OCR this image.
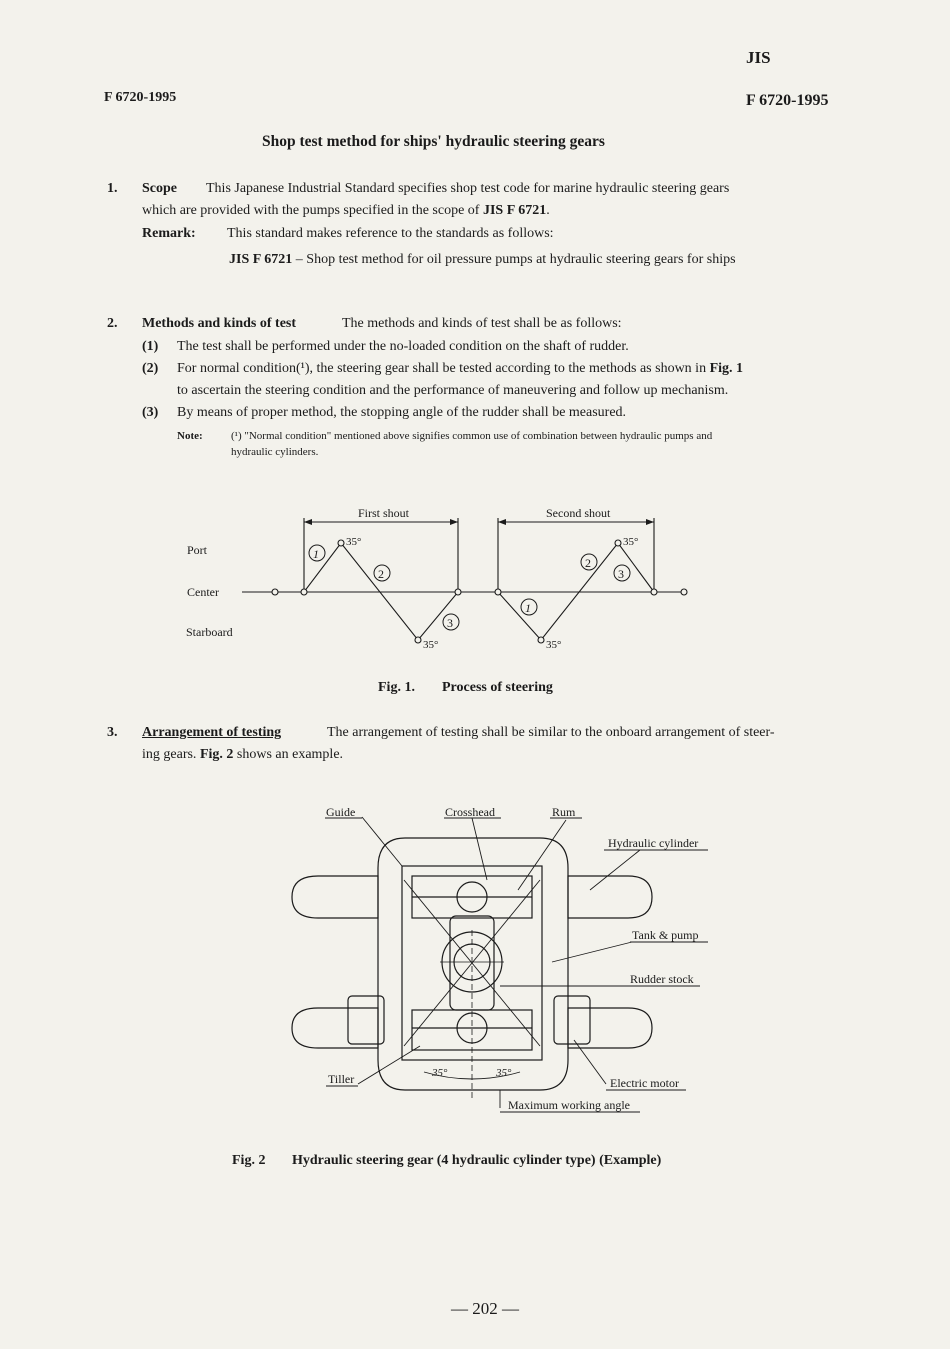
JIS
F 6720-1995	F 6720-1995
Shop test method for ships' hydraulic steering gears
1. Scope This Japanese Industrial Standard specifies shop test code for marine hydraulic steering gears
which are provided with the pumps specified in the scope of JIS F 6721.
Remark: This standard makes reference to the standards as follows:
JIS F 6721 – Shop test method for oil pressure pumps at hydraulic steering gears for ships
2. Methods and kinds of test	The methods and kinds of test shall be as follows:
(1) The test shall be performed under the no-loaded condition on the shaft of rudder.
(2) For normal condition(¹), the steering gear shall be tested according to the methods as shown in Fig. 1
to ascertain the steering condition and the performance of maneuvering and follow up mechanism.
(3) By means of proper method, the stopping angle of the rudder shall be measured.
Note:	(¹) "Normal condition" mentioned above signifies common use of combination between hydraulic pumps and
hydraulic cylinders.
First shout	Second shout
Port
Center
Starboard
35°
35°	35°
35°
1
2
3
1
2
3
Fig. 1. Process of steering
3. Arrangement of testing	The arrangement of testing shall be similar to the onboard arrangement of steer-
ing gears. Fig. 2 shows an example.
Guide	Crosshead	Rum
Hydraulic cylinder
Tank & pump
Rudder stock
Tiller	Electric motor
Maximum working angle
35°	35°
Fig. 2 Hydraulic steering gear (4 hydraulic cylinder type) (Example)
— 202 —
